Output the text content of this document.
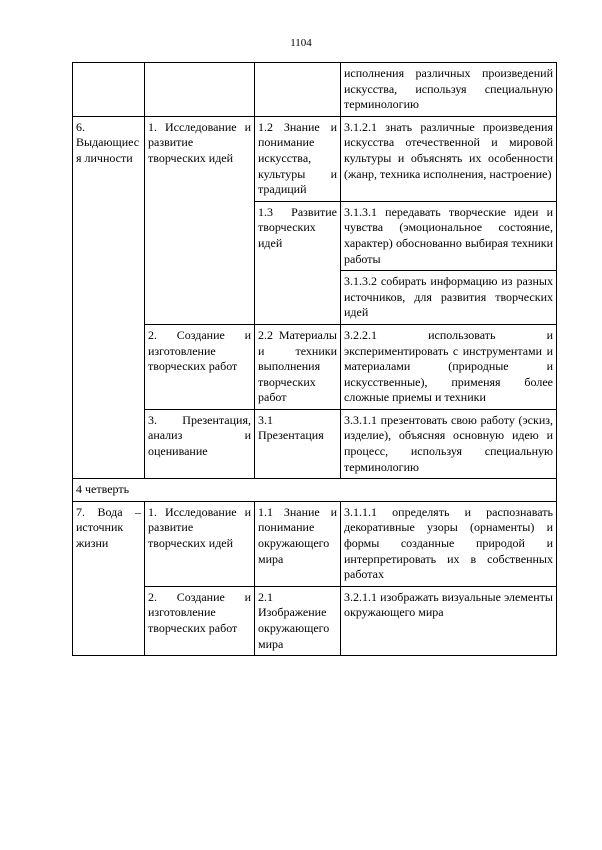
1104
			исполнения различных произведений искусства, используя специальную терминологию
6. Выдающиеся личности	1. Исследование и развитие творческих идей	1.2 Знание и понимание искусства, культуры и традиций	3.1.2.1 знать различные произведения искусства отечественной и мировой культуры и объяснять их особенности (жанр, техника исполнения, настроение)
		1.3 Развитие творческих идей	3.1.3.1 передавать творческие идеи и чувства (эмоциональное состояние, характер) обоснованно выбирая техники работы
			3.1.3.2 собирать информацию из разных источников, для развития творческих идей
	2. Создание и изготовление творческих работ	2.2 Материалы и техники выполнения творческих работ	3.2.2.1 использовать и экспериментировать с инструментами и материалами (природные и искусственные), применяя более сложные приемы и техники
	3. Презентация, анализ и оценивание	3.1 Презентация	3.3.1.1 презентовать свою работу (эскиз, изделие), объясняя основную идею и процесс, используя специальную терминологию
4 четверть			
7. Вода – источник жизни	1. Исследование и развитие творческих идей	1.1 Знание и понимание окружающего мира	3.1.1.1 определять и распознавать декоративные узоры (орнаменты) и формы созданные природой и интерпретировать их в собственных работах
	2. Создание и изготовление творческих работ	2.1 Изображение окружающего мира	3.2.1.1 изображать визуальные элементы окружающего мира
